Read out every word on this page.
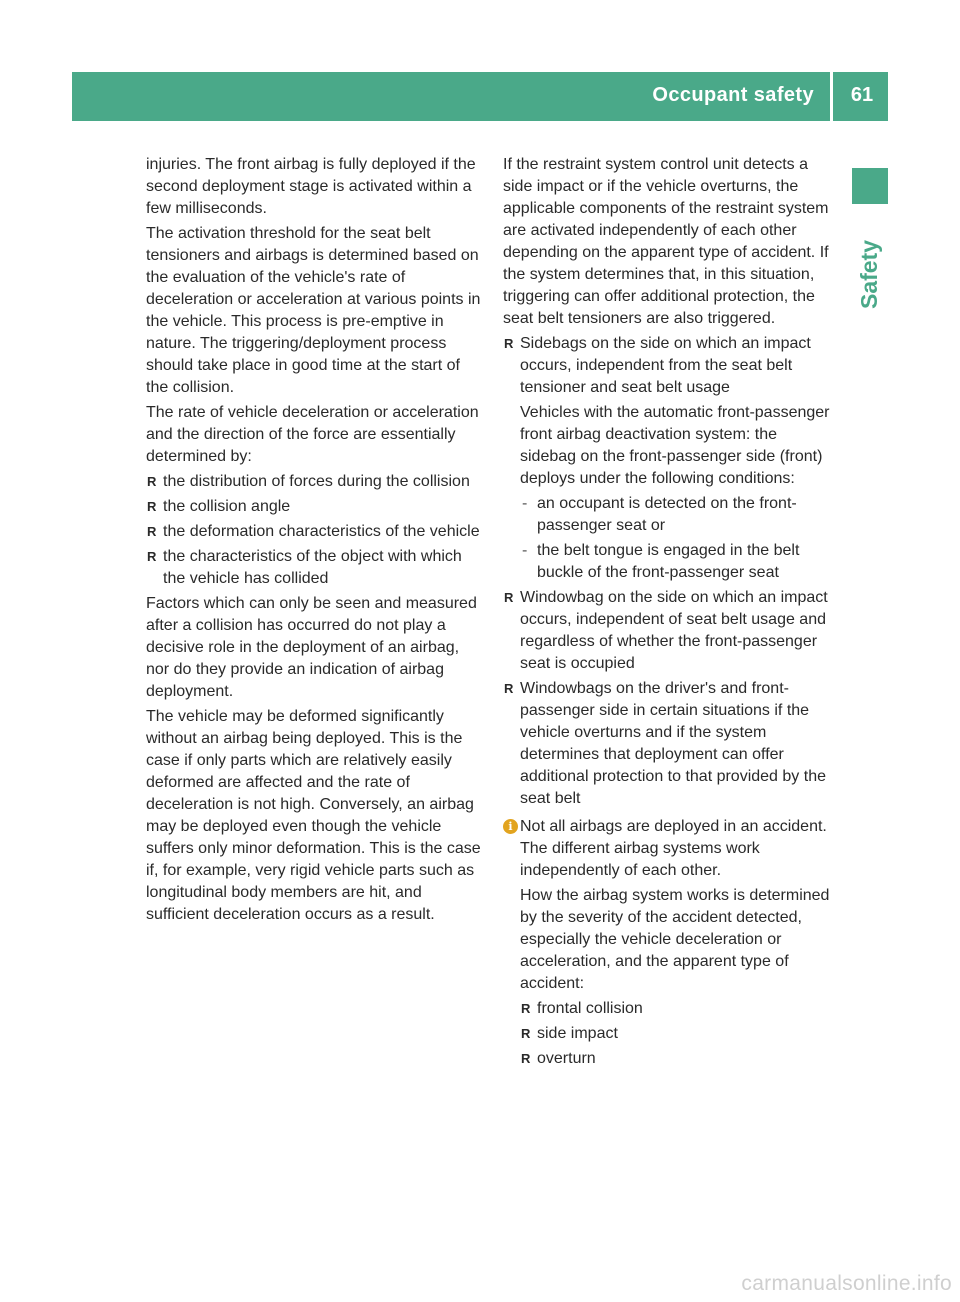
Occupant safety	61
Safety

injuries. The front airbag is fully deployed if the second deployment stage is activated within a few milliseconds.

The activation threshold for the seat belt tensioners and airbags is determined based on the evaluation of the vehicle's rate of deceleration or acceleration at various points in the vehicle. This process is pre-emptive in nature. The triggering/deployment process should take place in good time at the start of the collision.

The rate of vehicle deceleration or acceleration and the direction of the force are essentially determined by:

R the distribution of forces during the collision
R the collision angle
R the deformation characteristics of the vehicle
R the characteristics of the object with which the vehicle has collided

Factors which can only be seen and measured after a collision has occurred do not play a decisive role in the deployment of an airbag, nor do they provide an indication of airbag deployment.

The vehicle may be deformed significantly without an airbag being deployed. This is the case if only parts which are relatively easily deformed are affected and the rate of deceleration is not high. Conversely, an airbag may be deployed even though the vehicle suffers only minor deformation. This is the case if, for example, very rigid vehicle parts such as longitudinal body members are hit, and sufficient deceleration occurs as a result.

If the restraint system control unit detects a side impact or if the vehicle overturns, the applicable components of the restraint system are activated independently of each other depending on the apparent type of accident. If the system determines that, in this situation, triggering can offer additional protection, the seat belt tensioners are also triggered.

R Sidebags on the side on which an impact occurs, independent from the seat belt tensioner and seat belt usage

Vehicles with the automatic front-passenger front airbag deactivation system: the sidebag on the front-passenger side (front) deploys under the following conditions:

- an occupant is detected on the front-passenger seat or
- the belt tongue is engaged in the belt buckle of the front-passenger seat
R Windowbag on the side on which an impact occurs, independent of seat belt usage and regardless of whether the front-passenger seat is occupied
R Windowbags on the driver's and front-passenger side in certain situations if the vehicle overturns and if the system determines that deployment can offer additional protection to that provided by the seat belt
i Not all airbags are deployed in an accident. The different airbag systems work independently of each other.

How the airbag system works is determined by the severity of the accident detected, especially the vehicle deceleration or acceleration, and the apparent type of accident:

R frontal collision
R side impact
R overturn
carmanualsonline.info
